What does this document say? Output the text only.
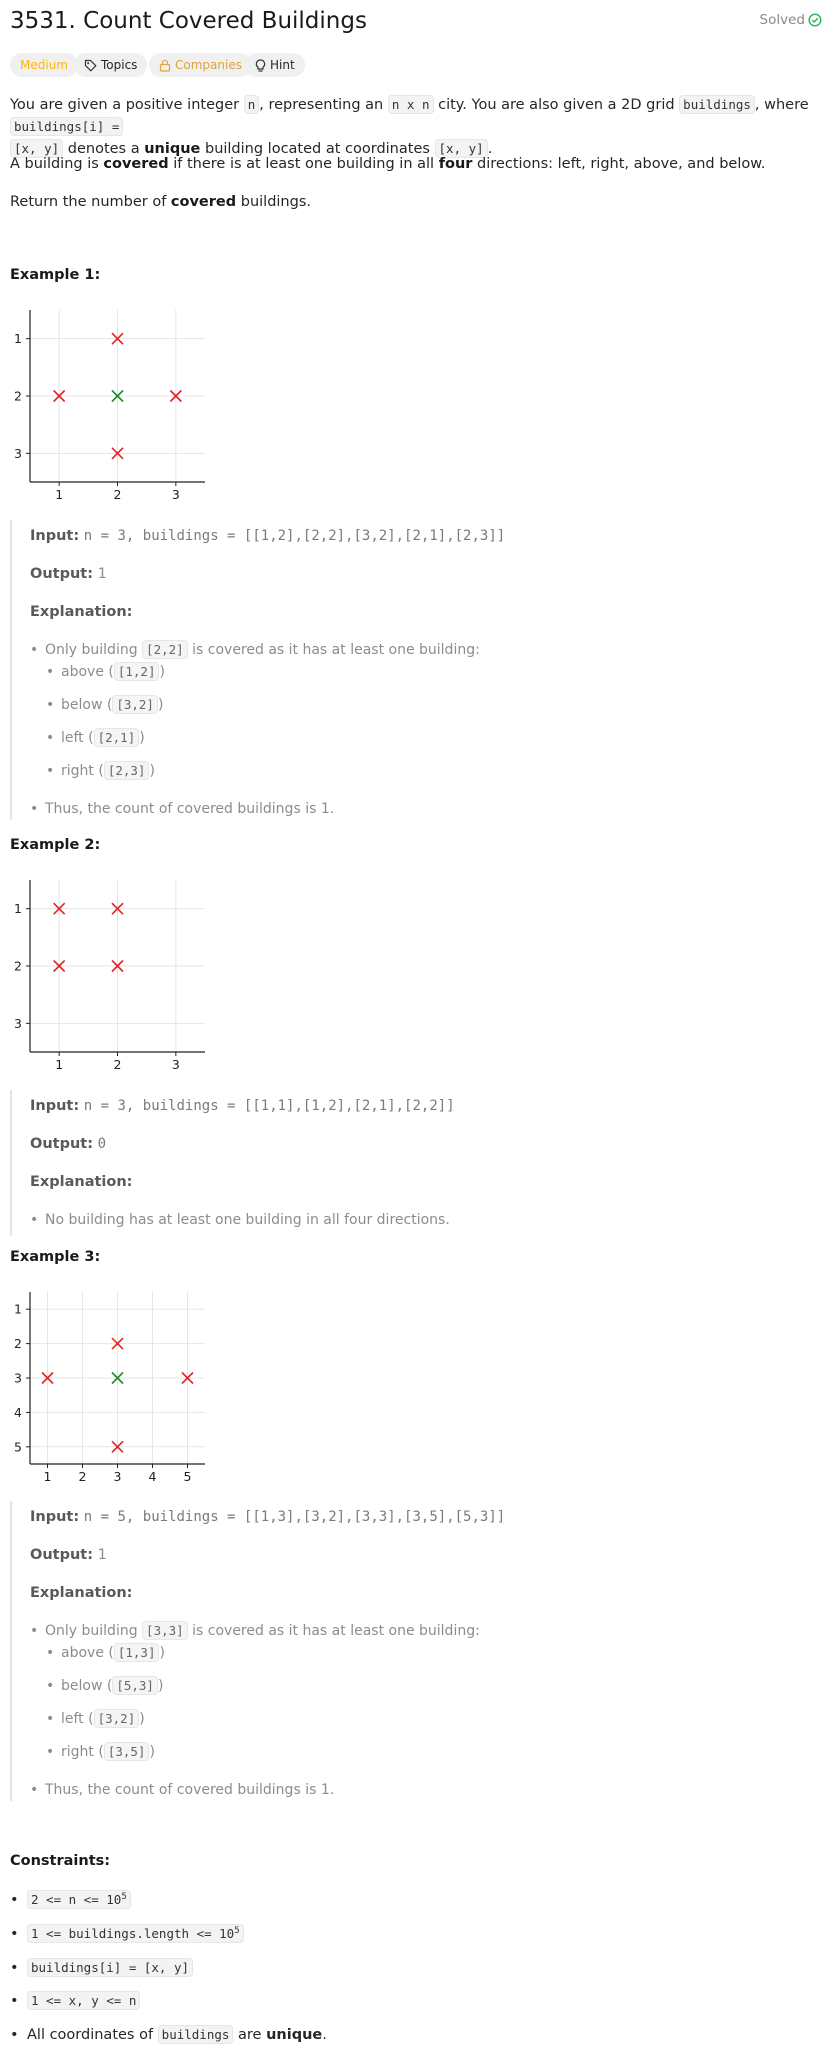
3531. Count Covered Buildings	Solved
Medium	Topics	Companies	Hint
You are given a positive integer n , representing an n x n city. You are also given a 2D grid buildings , where buildings[i] =
[x, y] denotes a unique building located at coordinates [x, y] .
A building is covered if there is at least one building in all four directions: left, right, above, and below.
Return the number of covered buildings.
Example 1:
1	2	3
1
2
3
Input: n = 3, buildings = [[1,2],[2,2],[3,2],[2,1],[2,3]]
Output: 1
Explanation:
• Only building [2,2] is covered as it has at least one building:
• above ( [1,2] )
• below ( [3,2] )
• left ( [2,1] )
• right ( [2,3] )
• Thus, the count of covered buildings is 1.
Example 2:
1	2	3
1
2
3
Input: n = 3, buildings = [[1,1],[1,2],[2,1],[2,2]]
Output: 0
Explanation:
• No building has at least one building in all four directions.
Example 3:
1 2 3 4 5
1
2
3
4
5
Input: n = 5, buildings = [[1,3],[3,2],[3,3],[3,5],[5,3]]
Output: 1
Explanation:
• Only building [3,3] is covered as it has at least one building:
• above ( [1,3] )
• below ( [5,3] )
• left ( [3,2] )
• right ( [3,5] )
• Thus, the count of covered buildings is 1.
Constraints:
• $2 <= n <= 10^5$
• 1 <= buildings.length <= $10^5$
• buildings[i] = [x, y]
• 1 <= x, y <= n
• All coordinates of buildings are unique.
